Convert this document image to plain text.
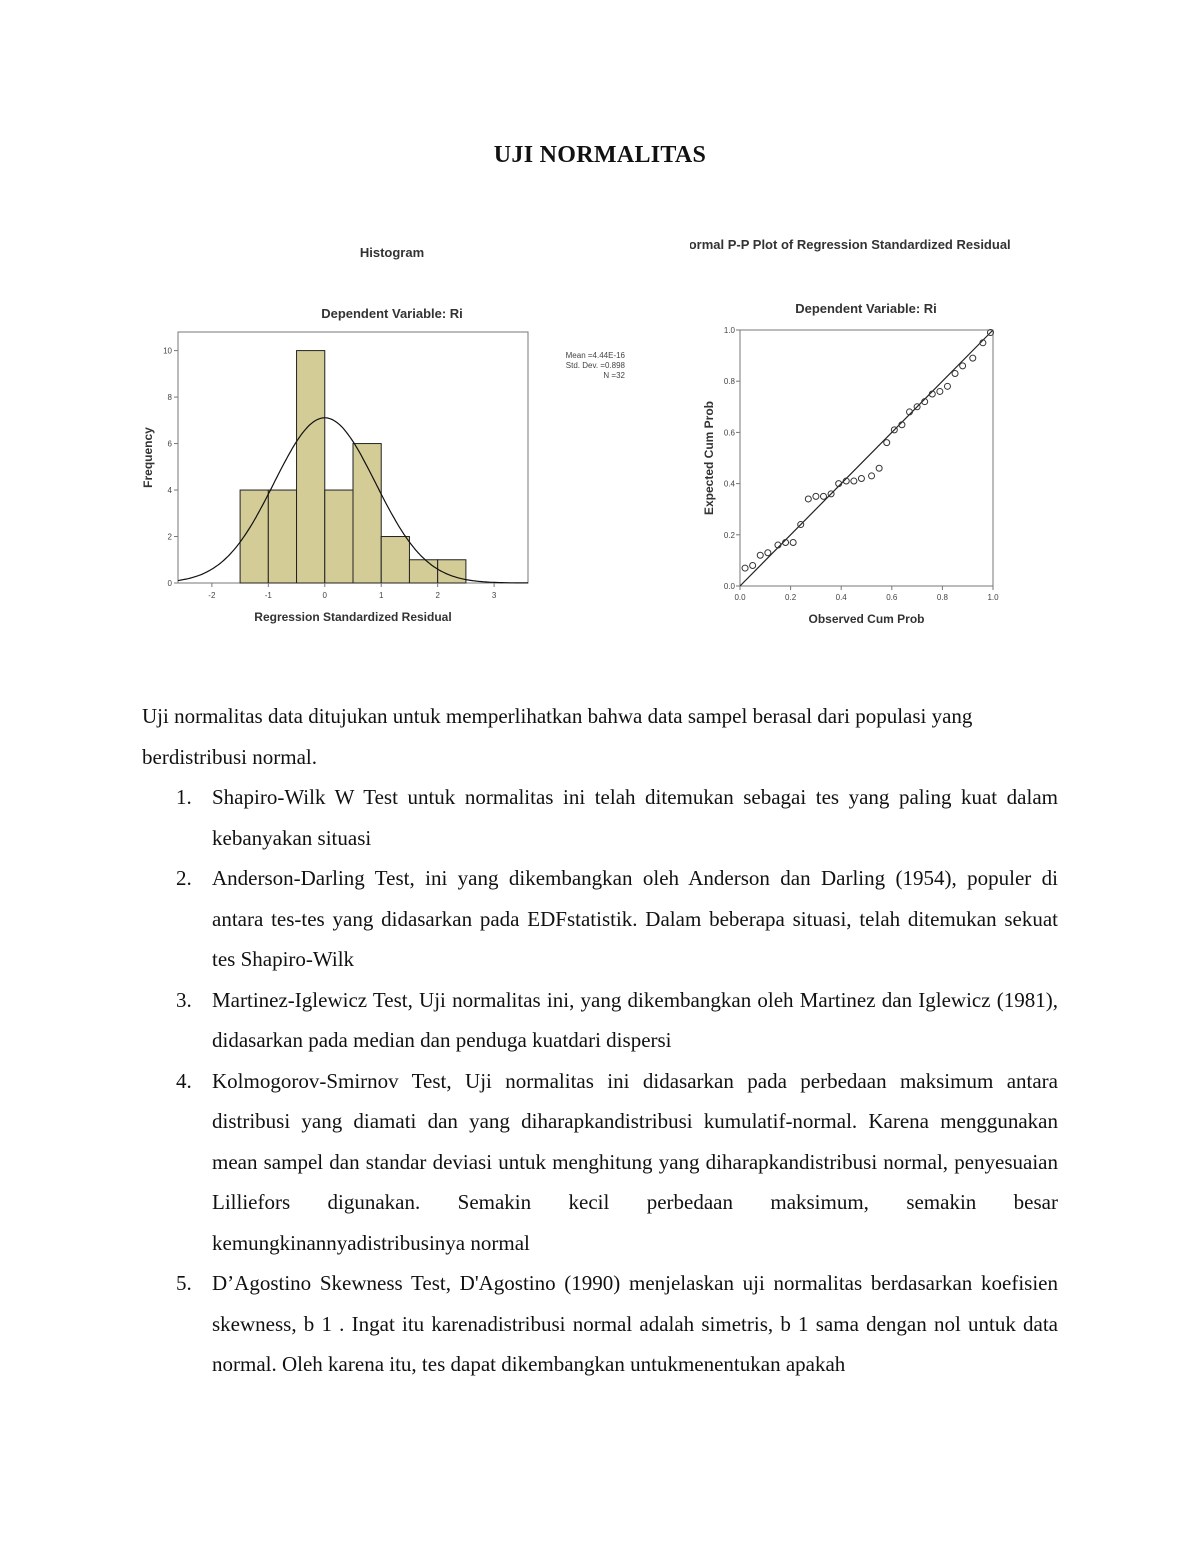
UJI NORMALITAS
Histogram
Dependent Variable: Ri
-2	-1	0	1	2	3
0
2
4
6
8
10
Regression Standardized Residual
Frequency
Mean =4.44E-16
Std. Dev. =0.898
N =32
Normal P-P Plot of Regression Standardized Residual
Dependent Variable: Ri
0.0	0.2	0.4	0.6	0.8	1.0
0.0
0.2
0.4
0.6
0.8
1.0
Observed Cum Prob
Expected Cum Prob

Uji normalitas data ditujukan untuk memperlihatkan bahwa data sampel berasal dari populasi yang berdistribusi normal.

1. Shapiro-Wilk W Test untuk normalitas ini telah ditemukan sebagai tes yang paling kuat dalam kebanyakan situasi
2. Anderson-Darling Test, ini yang dikembangkan oleh Anderson dan Darling (1954), populer di antara tes-tes yang didasarkan pada EDFstatistik. Dalam beberapa situasi, telah ditemukan sekuat tes Shapiro-Wilk
3. Martinez-Iglewicz Test, Uji normalitas ini, yang dikembangkan oleh Martinez dan Iglewicz (1981), didasarkan pada median dan penduga kuatdari dispersi
4. Kolmogorov-Smirnov Test, Uji normalitas ini didasarkan pada perbedaan maksimum antara distribusi yang diamati dan yang diharapkandistribusi kumulatif-normal. Karena menggunakan mean sampel dan standar deviasi untuk menghitung yang diharapkandistribusi normal, penyesuaian Lilliefors digunakan. Semakin kecil perbedaan maksimum, semakin besar kemungkinannyadistribusinya normal
5. D’Agostino Skewness Test, D'Agostino (1990) menjelaskan uji normalitas berdasarkan koefisien skewness, b 1 . Ingat itu karenadistribusi normal adalah simetris, b 1 sama dengan nol untuk data normal. Oleh karena itu, tes dapat dikembangkan untukmenentukan apakah
